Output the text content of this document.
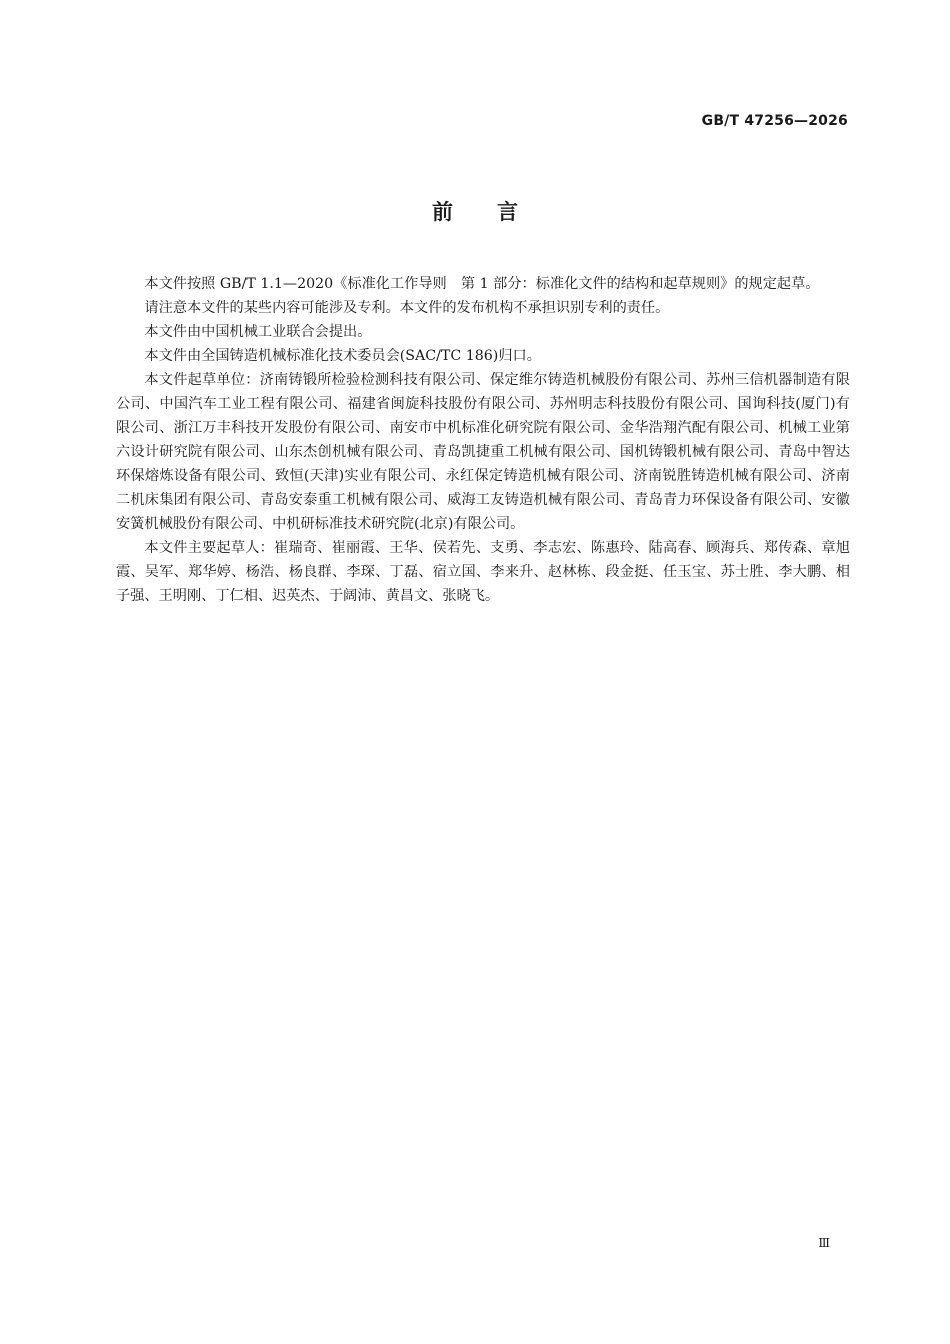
GB/T 47256—2026
前言

本文件按照 GB/T 1.1—2020《标准化工作导则　第 1 部分：标准化文件的结构和起草规则》的规定起草。

请注意本文件的某些内容可能涉及专利。本文件的发布机构不承担识别专利的责任。

本文件由中国机械工业联合会提出。

本文件由全国铸造机械标准化技术委员会(SAC/TC 186)归口。

本文件起草单位：济南铸锻所检验检测科技有限公司、保定维尔铸造机械股份有限公司、苏州三信机器制造有限公司、中国汽车工业工程有限公司、福建省闽旋科技股份有限公司、苏州明志科技股份有限公司、国询科技(厦门)有限公司、浙江万丰科技开发股份有限公司、南安市中机标准化研究院有限公司、金华浩翔汽配有限公司、机械工业第六设计研究院有限公司、山东杰创机械有限公司、青岛凯捷重工机械有限公司、国机铸锻机械有限公司、青岛中智达环保熔炼设备有限公司、致恒(天津)实业有限公司、永红保定铸造机械有限公司、济南锐胜铸造机械有限公司、济南二机床集团有限公司、青岛安泰重工机械有限公司、威海工友铸造机械有限公司、青岛青力环保设备有限公司、安徽安簧机械股份有限公司、中机研标准技术研究院(北京)有限公司。

本文件主要起草人：崔瑞奇、崔丽霞、王华、侯若先、支勇、李志宏、陈惠玲、陆高春、顾海兵、郑传森、章旭霞、吴军、郑华婷、杨浩、杨良群、李琛、丁磊、宿立国、李来升、赵林栋、段金挺、任玉宝、苏士胜、李大鹏、相子强、王明刚、丁仁相、迟英杰、于阔沛、黄昌文、张晓飞。

Ⅲ
